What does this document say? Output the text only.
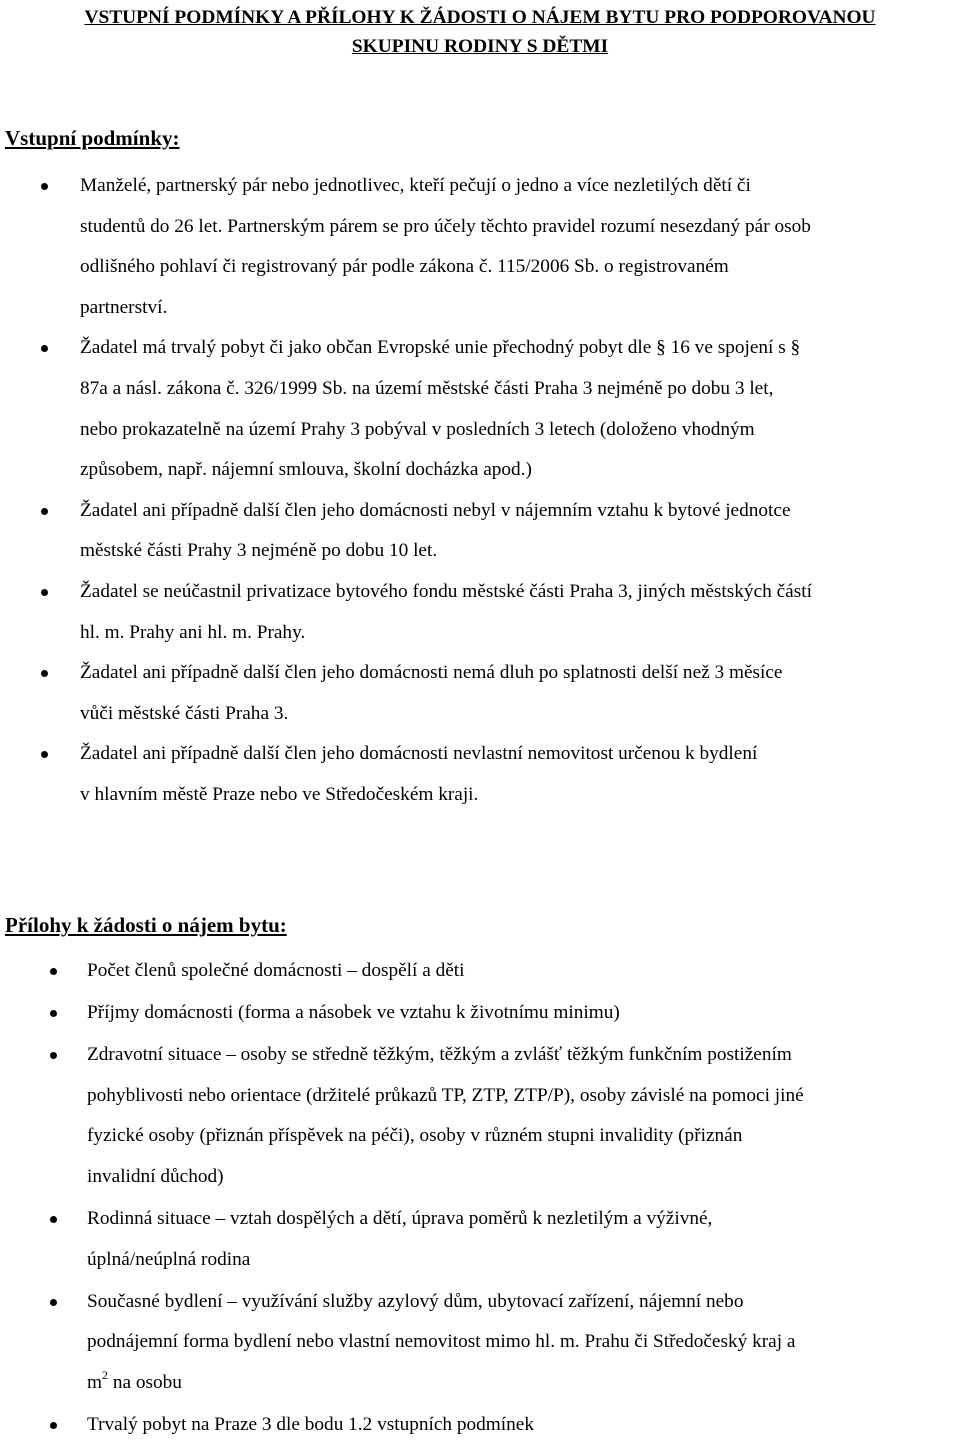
VSTUPNÍ PODMÍNKY A PŘÍLOHY K ŽÁDOSTI O NÁJEM BYTU PRO PODPOROVANOU
SKUPINU RODINY S DĚTMI
Vstupní podmínky:
Manželé, partnerský pár nebo jednotlivec, kteří pečují o jedno a více nezletilých dětí či
studentů do 26 let. Partnerským párem se pro účely těchto pravidel rozumí nesezdaný pár osob
odlišného pohlaví či registrovaný pár podle zákona č. 115/2006 Sb. o registrovaném
partnerství.
Žadatel má trvalý pobyt či jako občan Evropské unie přechodný pobyt dle § 16 ve spojení s §
87a a násl. zákona č. 326/1999 Sb. na území městské části Praha 3 nejméně po dobu 3 let,
nebo prokazatelně na území Prahy 3 pobýval v posledních 3 letech (doloženo vhodným
způsobem, např. nájemní smlouva, školní docházka apod.)
Žadatel ani případně další člen jeho domácnosti nebyl v nájemním vztahu k bytové jednotce
městské části Prahy 3 nejméně po dobu 10 let.
Žadatel se neúčastnil privatizace bytového fondu městské části Praha 3, jiných městských částí
hl. m. Prahy ani hl. m. Prahy.
Žadatel ani případně další člen jeho domácnosti nemá dluh po splatnosti delší než 3 měsíce
vůči městské části Praha 3.
Žadatel ani případně další člen jeho domácnosti nevlastní nemovitost určenou k bydlení
v hlavním městě Praze nebo ve Středočeském kraji.
Přílohy k žádosti o nájem bytu:
Počet členů společné domácnosti – dospělí a děti
Příjmy domácnosti (forma a násobek ve vztahu k životnímu minimu)
Zdravotní situace – osoby se středně těžkým, těžkým a zvlášť těžkým funkčním postižením
pohyblivosti nebo orientace (držitelé průkazů TP, ZTP, ZTP/P), osoby závislé na pomoci jiné
fyzické osoby (přiznán příspěvek na péči), osoby v různém stupni invalidity (přiznán
invalidní důchod)
Rodinná situace – vztah dospělých a dětí, úprava poměrů k nezletilým a výživné,
úplná/neúplná rodina
Současné bydlení – využívání služby azylový dům, ubytovací zařízení, nájemní nebo
podnájemní forma bydlení nebo vlastní nemovitost mimo hl. m. Prahu či Středočeský kraj a
$m^2$ na osobu
Trvalý pobyt na Praze 3 dle bodu 1.2 vstupních podmínek
